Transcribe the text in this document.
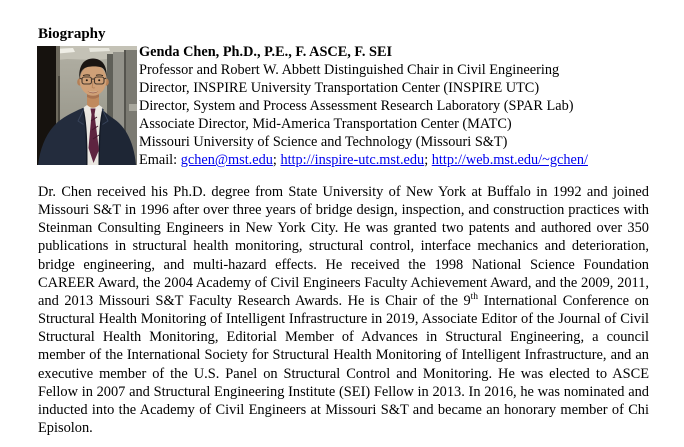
Biography
Genda Chen, Ph.D., P.E., F. ASCE, F. SEI
Professor and Robert W. Abbett Distinguished Chair in Civil Engineering
Director, INSPIRE University Transportation Center (INSPIRE UTC)
Director, System and Process Assessment Research Laboratory (SPAR Lab)
Associate Director, Mid-America Transportation Center (MATC)
Missouri University of Science and Technology (Missouri S&T)
Email: gchen@mst.edu; http://inspire-utc.mst.edu; http://web.mst.edu/~gchen/
Dr. Chen received his Ph.D. degree from State University of New York at Buffalo in 1992 and joined Missouri S&T in 1996 after over three years of bridge design, inspection, and construction practices with Steinman Consulting Engineers in New York City. He was granted two patents and authored over 350 publications in structural health monitoring, structural control, interface mechanics and deterioration, bridge engineering, and multi-hazard effects. He received the 1998 National Science Foundation CAREER Award, the 2004 Academy of Civil Engineers Faculty Achievement Award, and the 2009, 2011, and 2013 Missouri S&T Faculty Research Awards. He is Chair of the 9th International Conference on Structural Health Monitoring of Intelligent Infrastructure in 2019, Associate Editor of the Journal of Civil Structural Health Monitoring, Editorial Member of Advances in Structural Engineering, a council member of the International Society for Structural Health Monitoring of Intelligent Infrastructure, and an executive member of the U.S. Panel on Structural Control and Monitoring. He was elected to ASCE Fellow in 2007 and Structural Engineering Institute (SEI) Fellow in 2013. In 2016, he was nominated and inducted into the Academy of Civil Engineers at Missouri S&T and became an honorary member of Chi Episolon.
